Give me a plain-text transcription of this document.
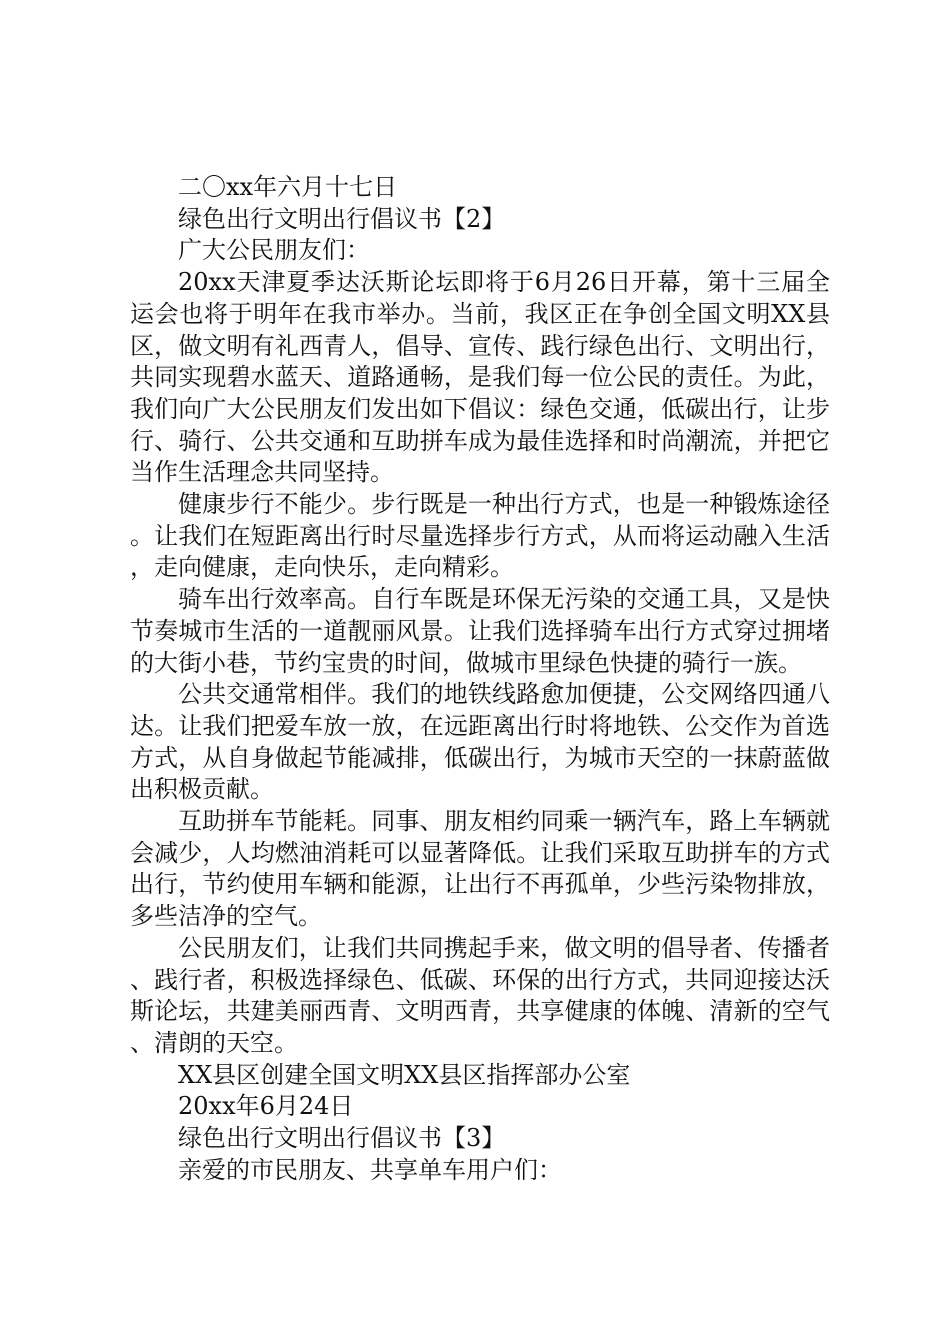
二〇xx年六月十七日

绿色出行文明出行倡议书【2】

广大公民朋友们：

20xx天津夏季达沃斯论坛即将于6月26日开幕，第十三届全运会也将于明年在我市举办。当前，我区正在争创全国文明XX县区，做文明有礼西青人，倡导、宣传、践行绿色出行、文明出行，共同实现碧水蓝天、道路通畅，是我们每一位公民的责任。为此，我们向广大公民朋友们发出如下倡议：绿色交通，低碳出行，让步行、骑行、公共交通和互助拼车成为最佳选择和时尚潮流，并把它当作生活理念共同坚持。

健康步行不能少。步行既是一种出行方式，也是一种锻炼途径。让我们在短距离出行时尽量选择步行方式，从而将运动融入生活，走向健康，走向快乐，走向精彩。

骑车出行效率高。自行车既是环保无污染的交通工具，又是快节奏城市生活的一道靓丽风景。让我们选择骑车出行方式穿过拥堵的大街小巷，节约宝贵的时间，做城市里绿色快捷的骑行一族。

公共交通常相伴。我们的地铁线路愈加便捷，公交网络四通八达。让我们把爱车放一放，在远距离出行时将地铁、公交作为首选方式，从自身做起节能减排，低碳出行，为城市天空的一抹蔚蓝做出积极贡献。

互助拼车节能耗。同事、朋友相约同乘一辆汽车，路上车辆就会减少，人均燃油消耗可以显著降低。让我们采取互助拼车的方式出行，节约使用车辆和能源，让出行不再孤单，少些污染物排放，多些洁净的空气。

公民朋友们，让我们共同携起手来，做文明的倡导者、传播者、践行者，积极选择绿色、低碳、环保的出行方式，共同迎接达沃斯论坛，共建美丽西青、文明西青，共享健康的体魄、清新的空气、清朗的天空。

XX县区创建全国文明XX县区指挥部办公室

20xx年6月24日

绿色出行文明出行倡议书【3】

亲爱的市民朋友、共享单车用户们：
